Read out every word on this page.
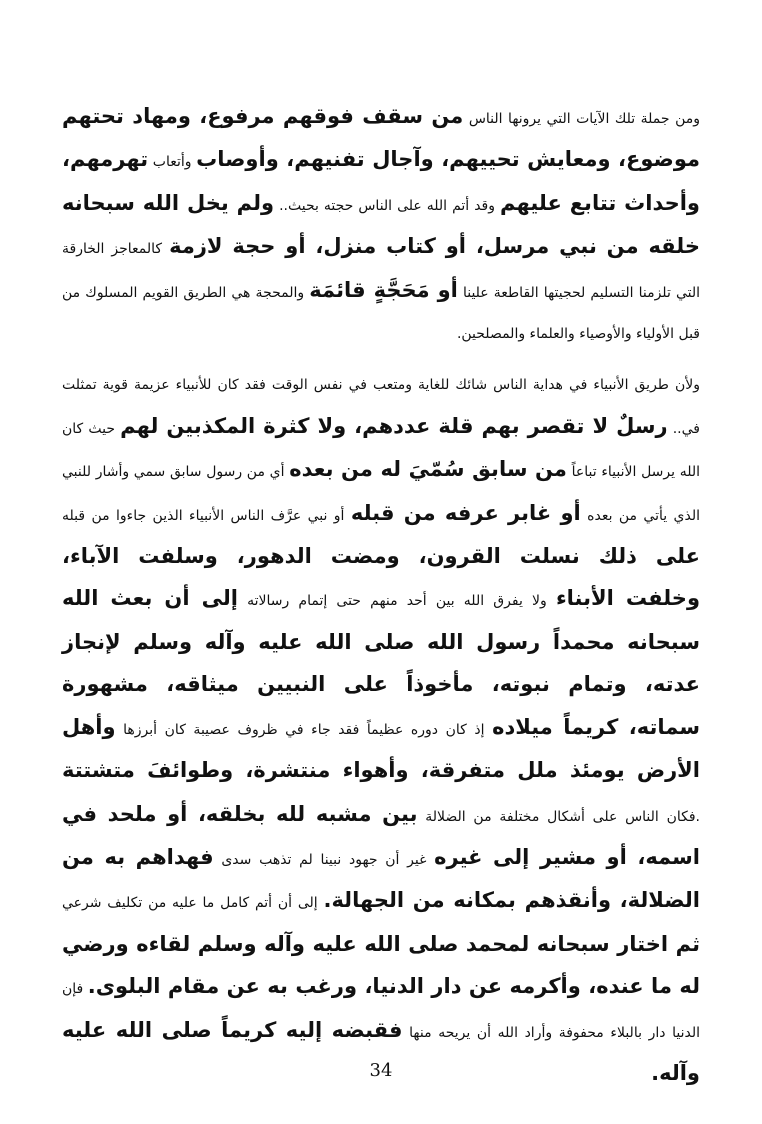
ومن جملة تلك الآيات التي يرونها الناس من سقف فوقهم مرفوع، ومهاد تحتهم موضوع، ومعايش تحييهم، وآجال تفنيهم، وأوصاب وأتعاب تهرمهم، وأحداث تتابع عليهم وقد أتم الله على الناس حجته بحيث.. ولم يخل الله سبحانه خلقه من نبي مرسل، أو كتاب منزل، أو حجة لازمة كالمعاجز الخارقة التي تلزمنا التسليم لحجيتها القاطعة علينا أو مَحَجَّةٍ قائمَة والمحجة هي الطريق القويم المسلوك من قبل الأولياء والأوصياء والعلماء والمصلحين.

ولأن طريق الأنبياء في هداية الناس شائك للغاية ومتعب في نفس الوقت فقد كان للأنبياء عزيمة قوية تمثلت في.. رسلٌ لا تقصر بهم قلة عددهم، ولا كثرة المكذبين لهم حيث كان الله يرسل الأنبياء تباعاً من سابق سُمّيَ له من بعده أي من رسول سابق سمي وأشار للنبي الذي يأتي من بعده أو غابر عرفه من قبله أو نبي عرَّف الناس الأنبياء الذين جاءوا من قبله على ذلك نسلت القرون، ومضت الدهور، وسلفت الآباء، وخلفت الأبناء ولا يفرق الله بين أحد منهم حتى إتمام رسالاته إلى أن بعث الله سبحانه محمداً رسول الله صلى الله عليه وآله وسلم لإنجاز عدته، وتمام نبوته، مأخوذاً على النبيين ميثاقه، مشهورة سماته، كريماً ميلاده إذ كان دوره عظيماً فقد جاء في ظروف عصيبة كان أبرزها وأهل الأرض يومئذ ملل متفرقة، وأهواء منتشرة، وطوائفَ متشتتة .فكان الناس على أشكال مختلفة من الضلالة بين مشبه لله بخلقه، أو ملحد في اسمه، أو مشير إلى غيره غير أن جهود نبينا لم تذهب سدى فهداهم به من الضلالة، وأنقذهم بمكانه من الجهالة. إلى أن أتم كامل ما عليه من تكليف شرعي ثم اختار سبحانه لمحمد صلى الله عليه وآله وسلم لقاءه ورضي له ما عنده، وأكرمه عن دار الدنيا، ورغب به عن مقام البلوى. فإن الدنيا دار بالبلاء محفوفة وأراد الله أن يريحه منها فقبضه إليه كريماً صلى الله عليه وآله.

34
